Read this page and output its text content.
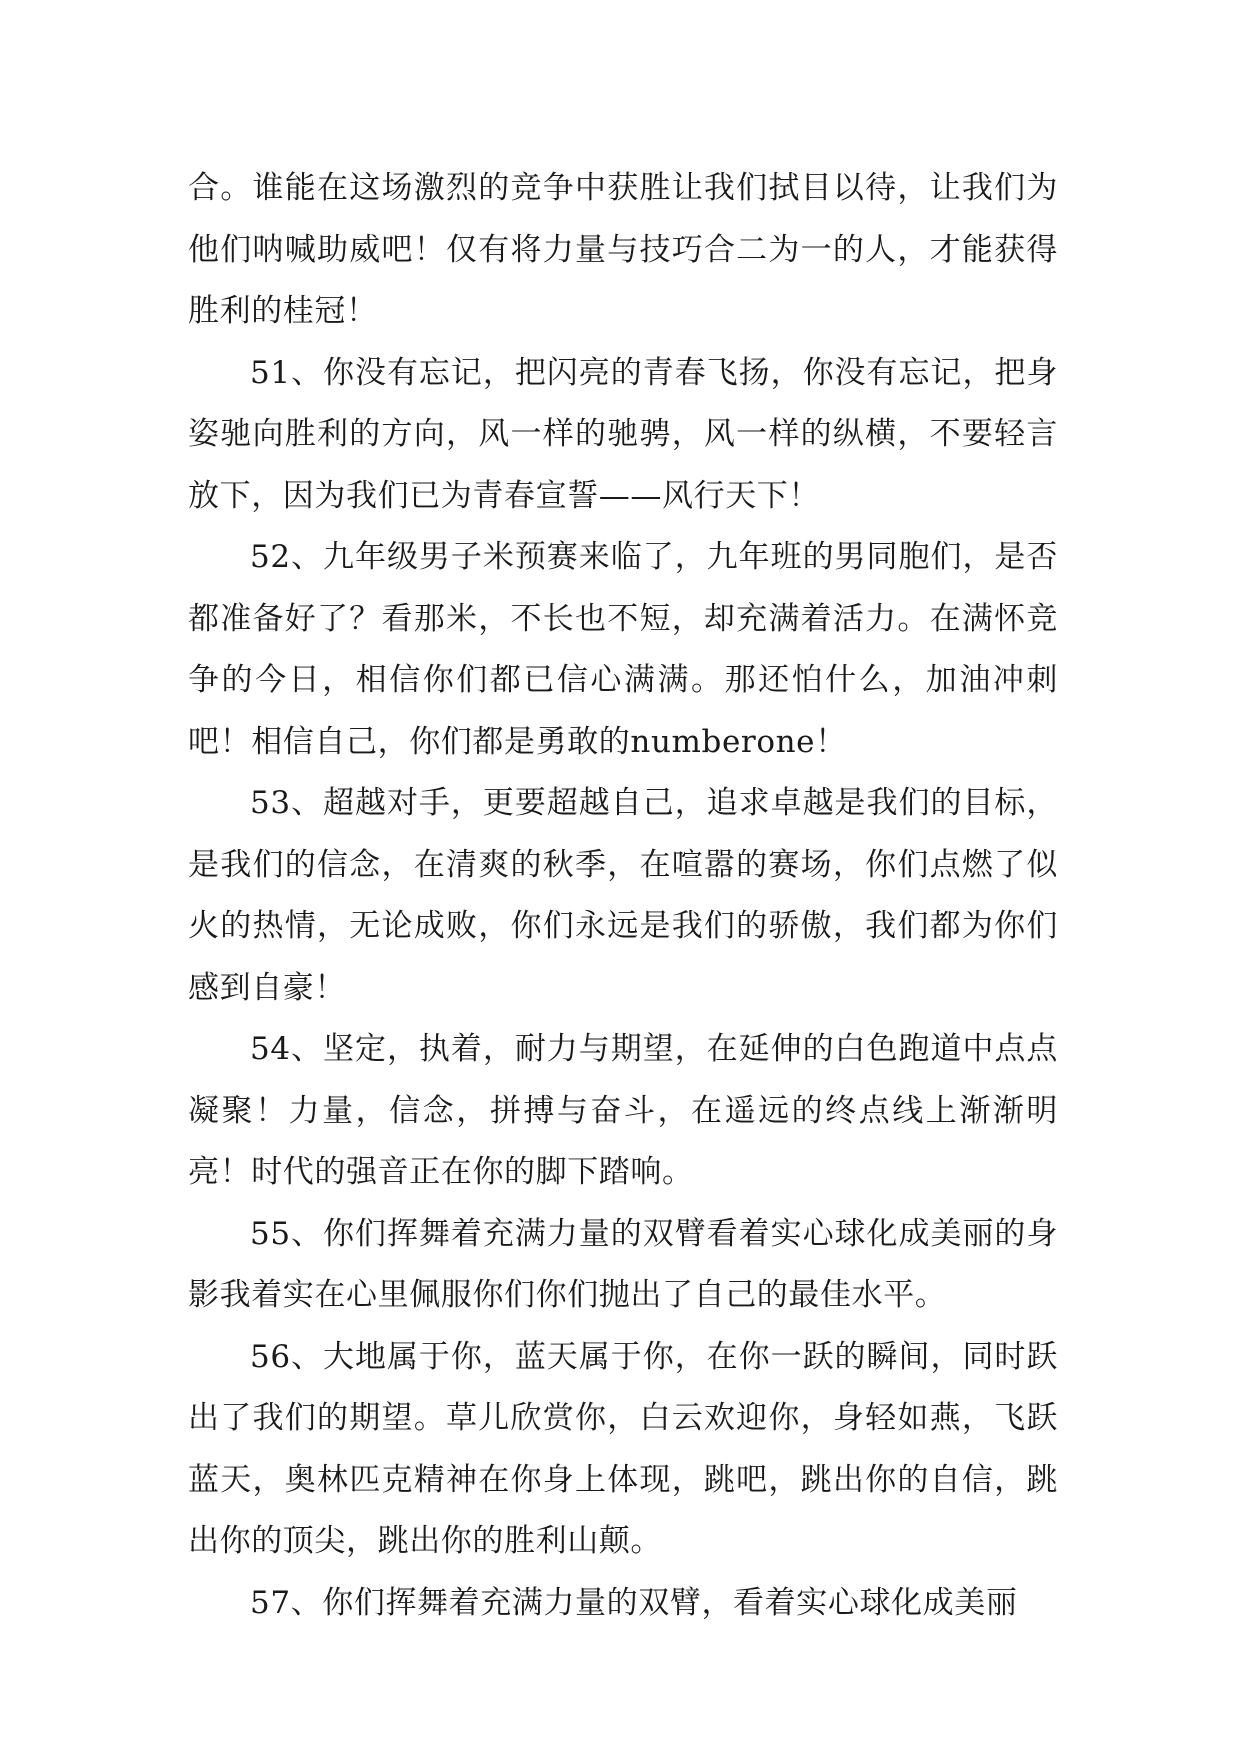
合。谁能在这场激烈的竞争中获胜让我们拭目以待，让我们为他们呐喊助威吧！仅有将力量与技巧合二为一的人，才能获得胜利的桂冠！

51、你没有忘记，把闪亮的青春飞扬，你没有忘记，把身姿驰向胜利的方向，风一样的驰骋，风一样的纵横，不要轻言放下，因为我们已为青春宣誓——风行天下！

52、九年级男子米预赛来临了，九年班的男同胞们，是否都准备好了？看那米，不长也不短，却充满着活力。在满怀竞争的今日，相信你们都已信心满满。那还怕什么，加油冲刺吧！相信自己，你们都是勇敢的numberone！

53、超越对手，更要超越自己，追求卓越是我们的目标，是我们的信念，在清爽的秋季，在喧嚣的赛场，你们点燃了似火的热情，无论成败，你们永远是我们的骄傲，我们都为你们感到自豪！

54、坚定，执着，耐力与期望，在延伸的白色跑道中点点凝聚！力量，信念，拼搏与奋斗，在遥远的终点线上渐渐明亮！时代的强音正在你的脚下踏响。

55、你们挥舞着充满力量的双臂看着实心球化成美丽的身影我着实在心里佩服你们你们抛出了自己的最佳水平。

56、大地属于你，蓝天属于你，在你一跃的瞬间，同时跃出了我们的期望。草儿欣赏你，白云欢迎你，身轻如燕，飞跃蓝天，奥林匹克精神在你身上体现，跳吧，跳出你的自信，跳出你的顶尖，跳出你的胜利山颠。

57、你们挥舞着充满力量的双臂，看着实心球化成美丽
